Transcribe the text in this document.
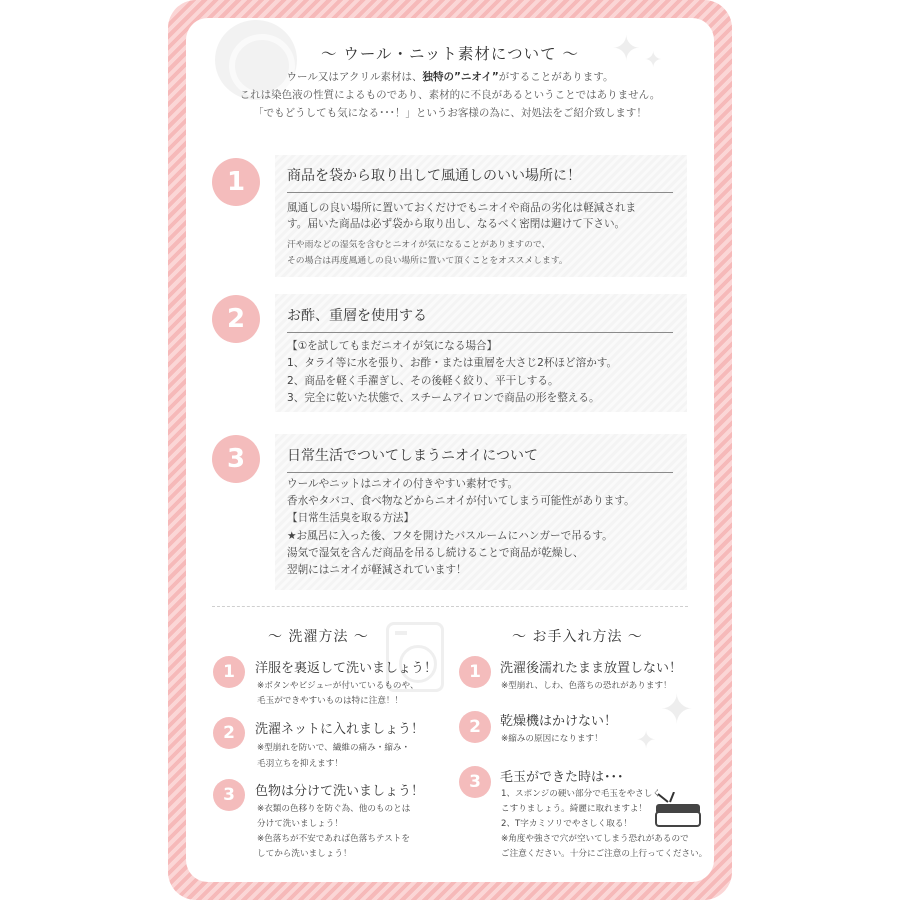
✦ ✦
〜 ウール・ニット素材について 〜
ウール又はアクリル素材は、独特の”ニオイ”がすることがあります。
これは染色液の性質によるものであり、素材的に不良があるということではありません。
「でもどうしても気になる･･･！」というお客様の為に、対処法をご紹介致します！
1	商品を袋から取り出して風通しのいい場所に！
風通しの良い場所に置いておくだけでもニオイや商品の劣化は軽減されま
す。届いた商品は必ず袋から取り出し、なるべく密閉は避けて下さい。
汗や雨などの湿気を含むとニオイが気になることがありますので、
その場合は再度風通しの良い場所に置いて頂くことをオススメします。
2	お酢、重層を使用する
【①を試してもまだニオイが気になる場合】
1、タライ等に水を張り、お酢・または重層を大さじ2杯ほど溶かす。
2、商品を軽く手濯ぎし、その後軽く絞り、平干しする。
3、完全に乾いた状態で、スチームアイロンで商品の形を整える。
3	日常生活でついてしまうニオイについて
ウールやニットはニオイの付きやすい素材です。
香水やタバコ、食べ物などからニオイが付いてしまう可能性があります。
【日常生活臭を取る方法】
★お風呂に入った後、フタを開けたバスルームにハンガーで吊るす。
湯気で湿気を含んだ商品を吊るし続けることで商品が乾燥し、
翌朝にはニオイが軽減されています！
〜 洗濯方法 〜
1	洋服を裏返して洗いましょう！
※ボタンやビジューが付いているものや、
毛玉ができやすいものは特に注意！！
2	洗濯ネットに入れましょう！
※型崩れを防いで、繊維の痛み・縮み・
毛羽立ちを抑えます！
3	色物は分けて洗いましょう！
※衣類の色移りを防ぐ為、他のものとは
分けて洗いましょう！
※色落ちが不安であれば色落ちテストを
してから洗いましょう！
✦
✦
〜 お手入れ方法 〜
1	洗濯後濡れたまま放置しない！
※型崩れ、しわ、色落ちの恐れがあります！
2	乾燥機はかけない！
※縮みの原因になります！
3	毛玉ができた時は･･･
1、スポンジの硬い部分で毛玉をやさしく
こすりましょう。綺麗に取れますよ！
2、T字カミソリでやさしく取る！
※角度や強さで穴が空いてしまう恐れがあるので
ご注意ください。十分にご注意の上行ってください。
